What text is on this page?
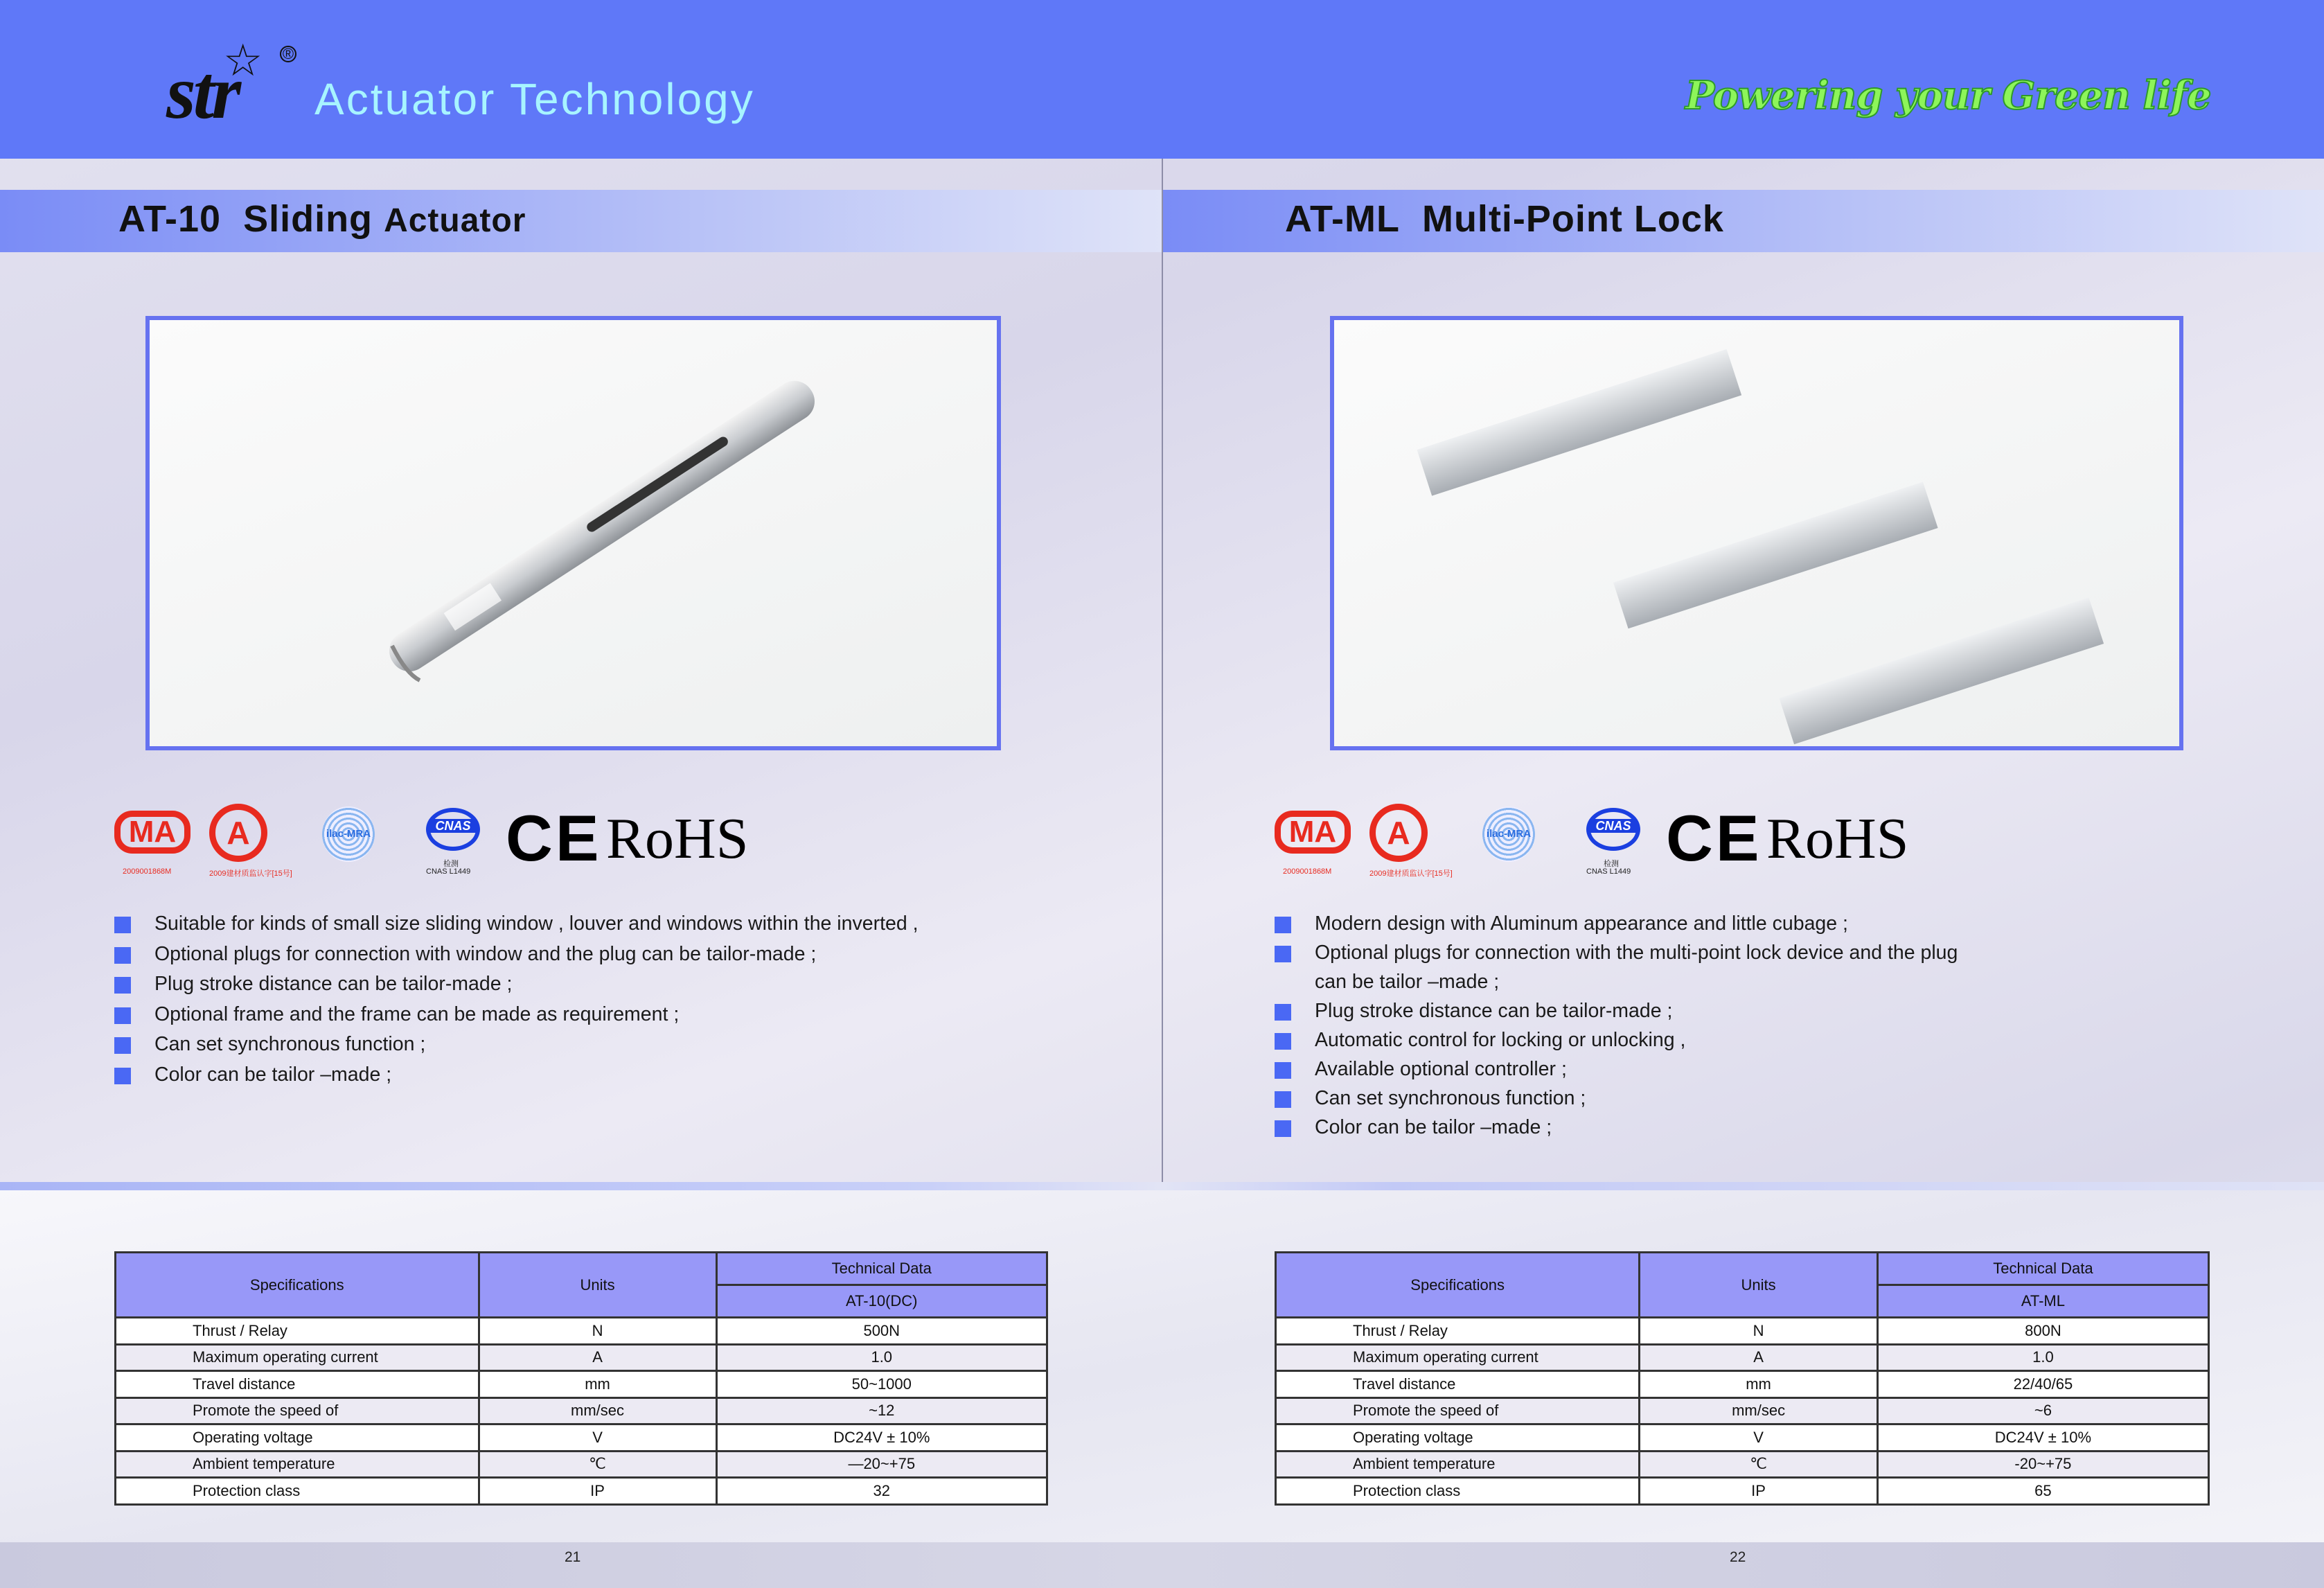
str
☆ ®
Actuator Technology	Powering your Green life
AT-10 Sliding Actuator
MA
2009001868M
A
2009建材质监认字[15号]
ilac-MRA
CNAS
检测
CNAS L1449 CE RoHS
Suitable for kinds of small size sliding window , louver and windows within the inverted ,
Optional plugs for connection with window and the plug can be tailor-made ;
Plug stroke distance can be tailor-made ;
Optional frame and the frame can be made as requirement ;
Can set synchronous function ;
Color can be tailor –made ;
AT-ML Multi-Point Lock
MA
2009001868M
A
2009建材质监认字[15号]
ilac-MRA
CNAS
检测
CNAS L1449 CE RoHS
Modern design with Aluminum appearance and little cubage ;
Optional plugs for connection with the multi-point lock device and the plug
can be tailor –made ;
Plug stroke distance can be tailor-made ;
Automatic control for locking or unlocking ,
Available optional controller ;
Can set synchronous function ;
Color can be tailor –made ;
Specifications	Units	Technical Data
		AT-10(DC)
Thrust / Relay	N	500N
Maximum operating current	A	1.0
Travel distance	mm	50~1000
Promote the speed of	mm/sec	~12
Operating voltage	V	DC24V ± 10%
Ambient temperature	℃	—20~+75
Protection class	IP	32
Specifications	Units	Technical Data
		AT-ML
Thrust / Relay	N	800N
Maximum operating current	A	1.0
Travel distance	mm	22/40/65
Promote the speed of	mm/sec	~6
Operating voltage	V	DC24V ± 10%
Ambient temperature	℃	-20~+75
Protection class	IP	65
21	22
